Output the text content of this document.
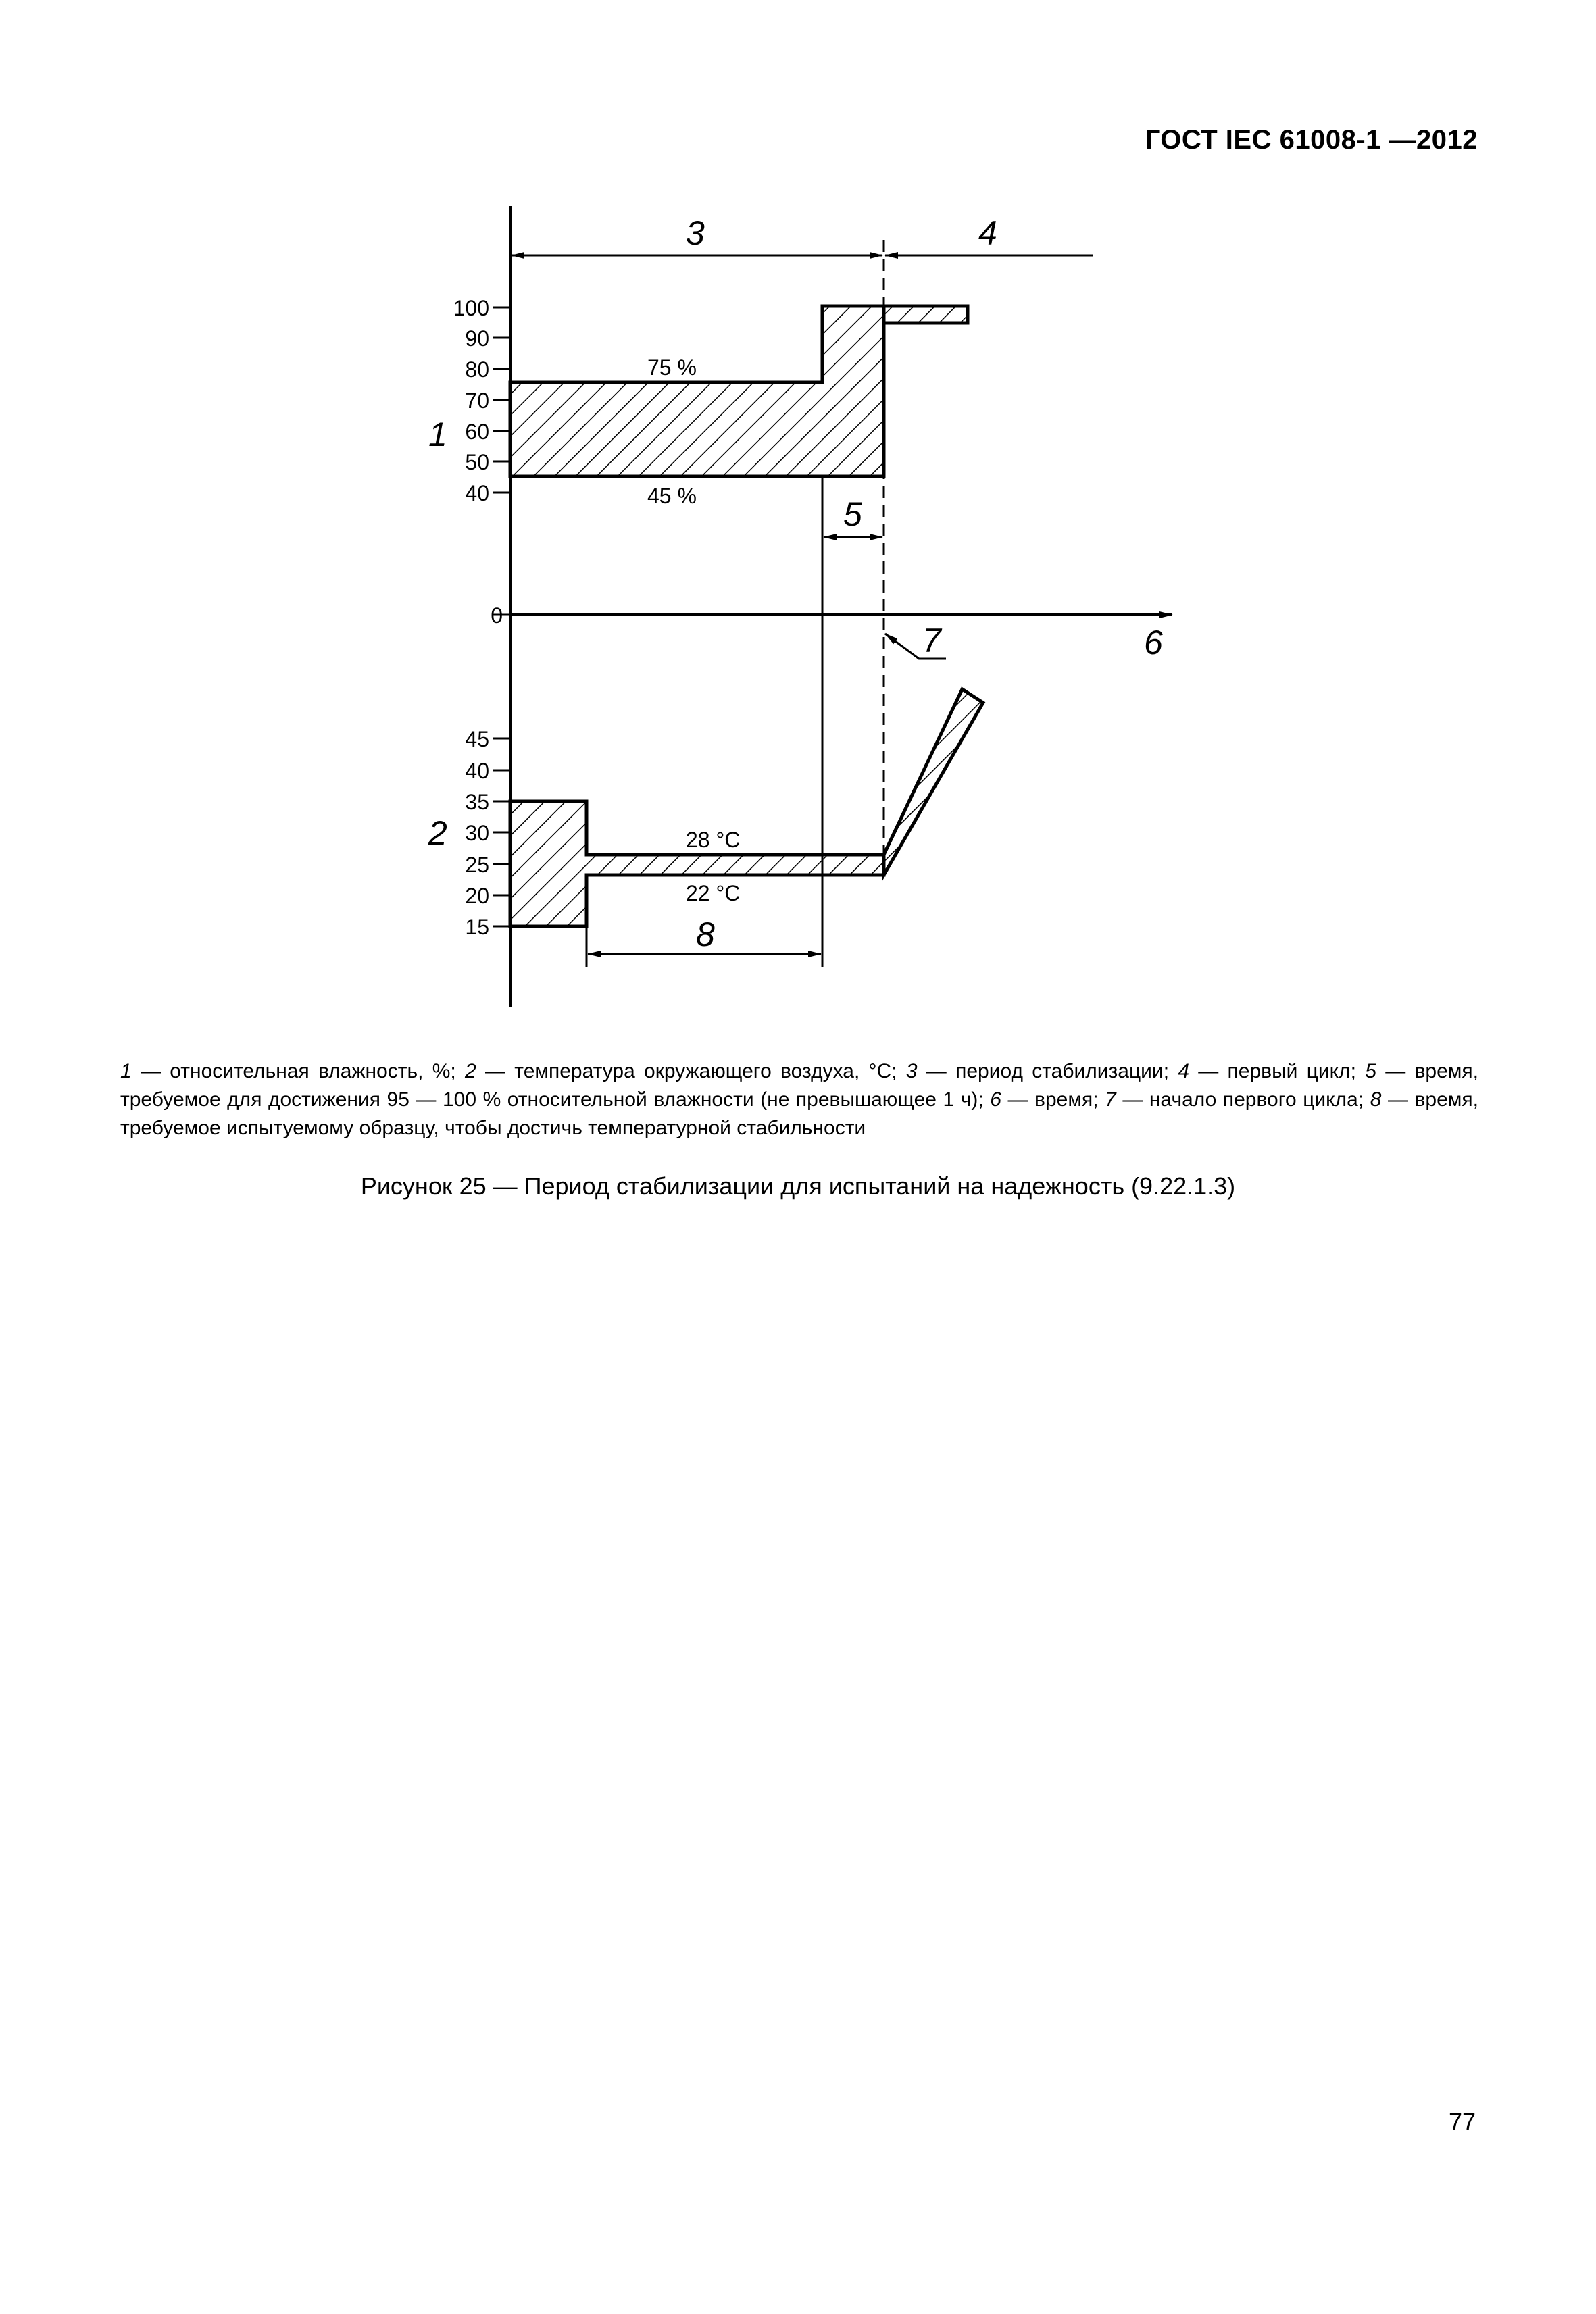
ГОСТ IEC 61008-1 —2012
100
90
80
70
60
50
40
0
45
40
35
30
25
20
15
75 %
45 %
28 °C
22 °C
1
2
3	4
5
6
7
8
1 — относительная влажность, %; 2 — температура окружающего воздуха, °С; 3 — период стабилизации; 4 — первый цикл; 5 — время, требуемое для достижения 95 — 100 % относительной влажности (не превышающее 1 ч); 6 — время; 7 — начало первого цикла; 8 — время, требуемое испытуемому образцу, чтобы достичь температурной стабильности
Рисунок 25 — Период стабилизации для испытаний на надежность (9.22.1.3)
77
